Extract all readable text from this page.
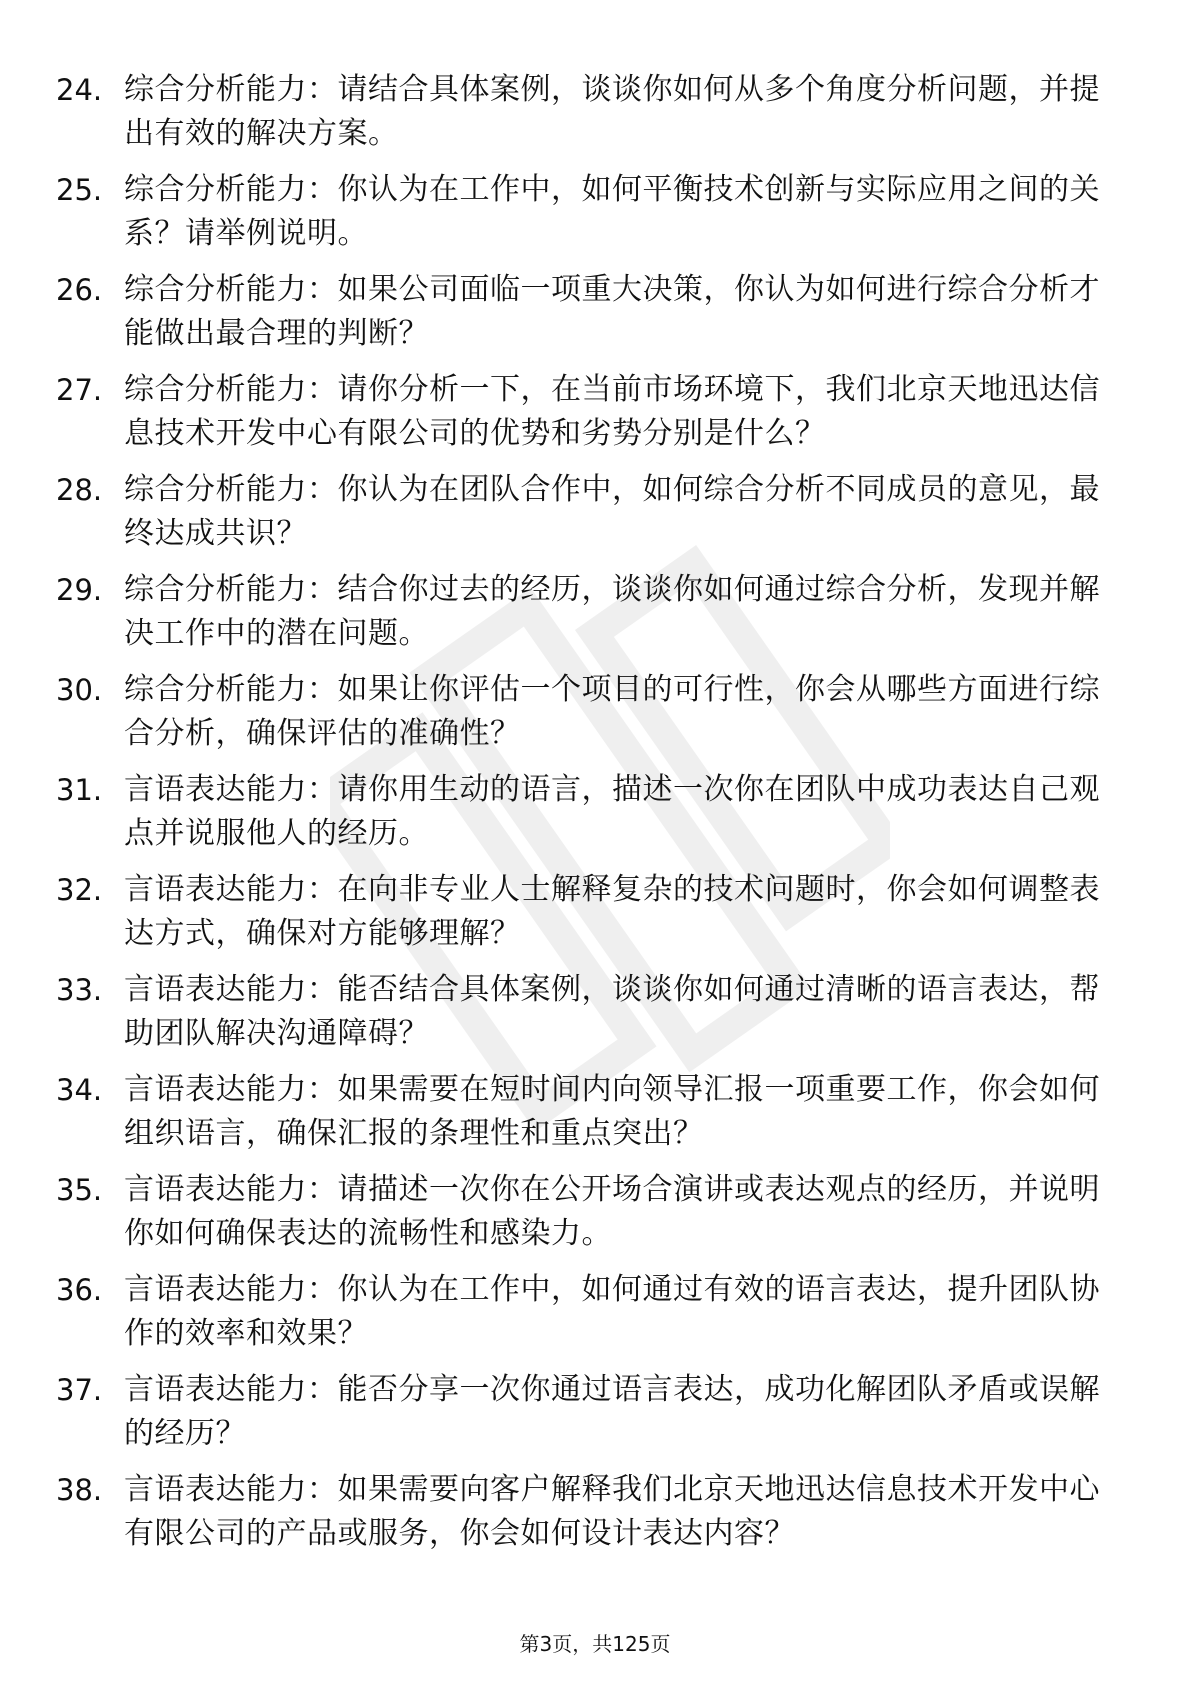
24. 综合分析能力：请结合具体案例，谈谈你如何从多个角度分析问题，并提出有效的解决方案。
25. 综合分析能力：你认为在工作中，如何平衡技术创新与实际应用之间的关系？请举例说明。
26. 综合分析能力：如果公司面临一项重大决策，你认为如何进行综合分析才能做出最合理的判断？
27. 综合分析能力：请你分析一下，在当前市场环境下，我们北京天地迅达信息技术开发中心有限公司的优势和劣势分别是什么？
28. 综合分析能力：你认为在团队合作中，如何综合分析不同成员的意见，最终达成共识？
29. 综合分析能力：结合你过去的经历，谈谈你如何通过综合分析，发现并解决工作中的潜在问题。
30. 综合分析能力：如果让你评估一个项目的可行性，你会从哪些方面进行综合分析，确保评估的准确性？
31. 言语表达能力：请你用生动的语言，描述一次你在团队中成功表达自己观点并说服他人的经历。
32. 言语表达能力：在向非专业人士解释复杂的技术问题时，你会如何调整表达方式，确保对方能够理解？
33. 言语表达能力：能否结合具体案例，谈谈你如何通过清晰的语言表达，帮助团队解决沟通障碍？
34. 言语表达能力：如果需要在短时间内向领导汇报一项重要工作，你会如何组织语言，确保汇报的条理性和重点突出？
35. 言语表达能力：请描述一次你在公开场合演讲或表达观点的经历，并说明你如何确保表达的流畅性和感染力。
36. 言语表达能力：你认为在工作中，如何通过有效的语言表达，提升团队协作的效率和效果？
37. 言语表达能力：能否分享一次你通过语言表达，成功化解团队矛盾或误解的经历？
38. 言语表达能力：如果需要向客户解释我们北京天地迅达信息技术开发中心有限公司的产品或服务，你会如何设计表达内容？
第3页，共125页
